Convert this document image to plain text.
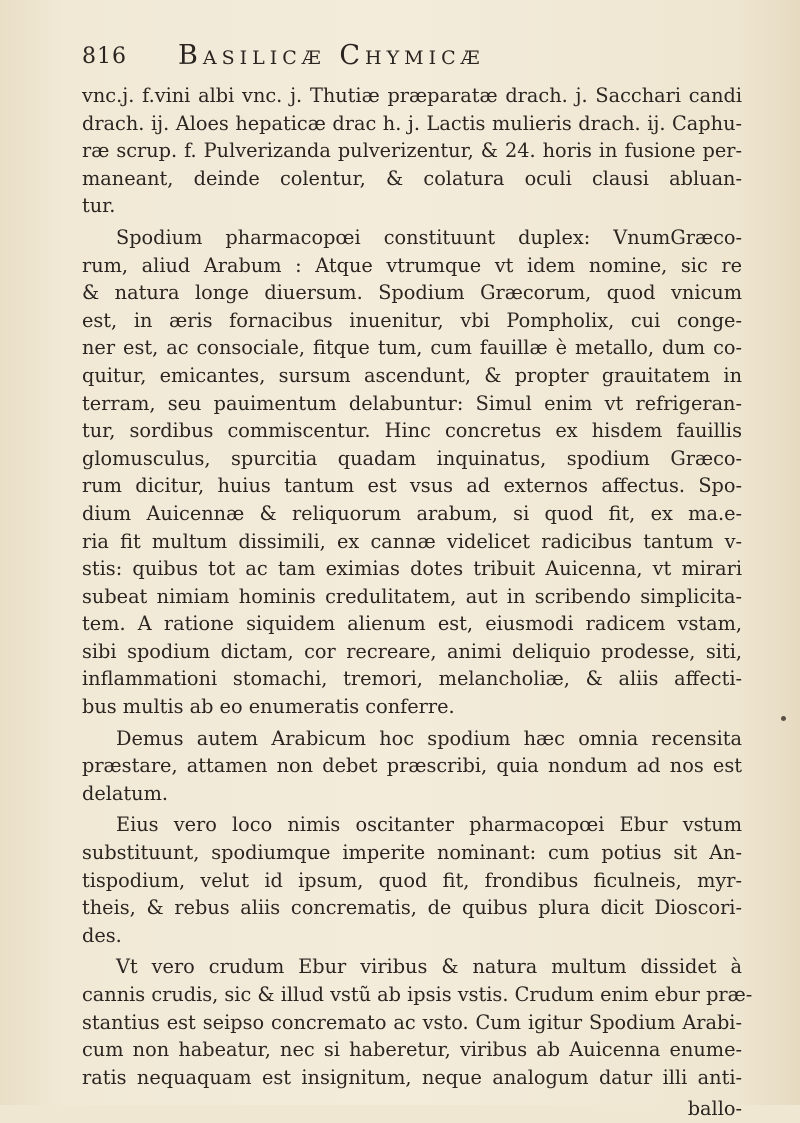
816 Basilicæ Chymicæ
vnc.j. f.vini albi vnc. j. Thutiæ præparatæ drach. j. Sacchari candi
drach. ij. Aloes hepaticæ drac h. j. Lactis mulieris drach. ij. Caphu-
ræ scrup. f. Pulverizanda pulverizentur, & 24. horis in fusione per-
maneant, deinde colentur, & colatura oculi clausi abluan-
tur.
Spodium pharmacopœi constituunt duplex: VnumGræco-
rum, aliud Arabum : Atque vtrumque vt idem nomine, sic re
& natura longe diuersum. Spodium Græcorum, quod vnicum
est, in æris fornacibus inuenitur, vbi Pompholix, cui conge-
ner est, ac consociale, fitque tum, cum fauillæ è metallo, dum co-
quitur, emicantes, sursum ascendunt, & propter grauitatem in
terram, seu pauimentum delabuntur: Simul enim vt refrigeran-
tur, sordibus commiscentur. Hinc concretus ex hisdem fauillis
glomusculus, spurcitia quadam inquinatus, spodium Græco-
rum dicitur, huius tantum est vsus ad externos affectus. Spo-
dium Auicennæ & reliquorum arabum, si quod fit, ex ma.e-
ria fit multum dissimili, ex cannæ videlicet radicibus tantum v-
stis: quibus tot ac tam eximias dotes tribuit Auicenna, vt mirari
subeat nimiam hominis credulitatem, aut in scribendo simplicita-
tem. A ratione siquidem alienum est, eiusmodi radicem vstam,
sibi spodium dictam, cor recreare, animi deliquio prodesse, siti,
inflammationi stomachi, tremori, melancholiæ, & aliis affecti-
bus multis ab eo enumeratis conferre.
Demus autem Arabicum hoc spodium hæc omnia recensita
præstare, attamen non debet præscribi, quia nondum ad nos est
delatum.
Eius vero loco nimis oscitanter pharmacopœi Ebur vstum
substituunt, spodiumque imperite nominant: cum potius sit An-
tispodium, velut id ipsum, quod fit, frondibus ficulneis, myr-
theis, & rebus aliis concrematis, de quibus plura dicit Dioscori-
des.
Vt vero crudum Ebur viribus & natura multum dissidet à
cannis crudis, sic & illud vstũ ab ipsis vstis. Crudum enim ebur præ-
stantius est seipso concremato ac vsto. Cum igitur Spodium Arabi-
cum non habeatur, nec si haberetur, viribus ab Auicenna enume-
ratis nequaquam est insignitum, neque analogum datur illi anti-
ballo-
